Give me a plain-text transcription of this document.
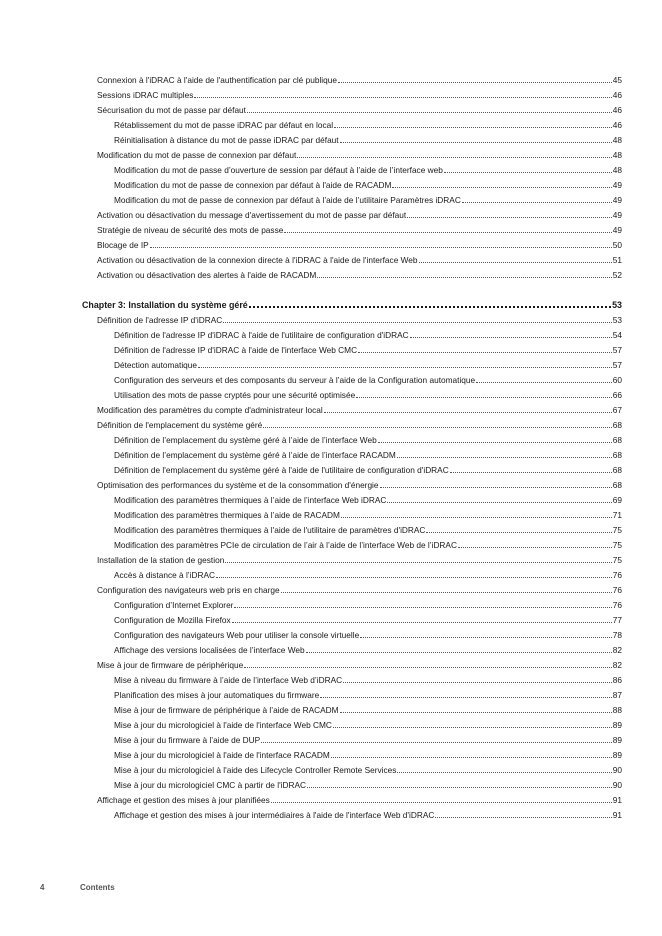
Connexion à l'iDRAC à l'aide de l'authentification par clé publique	45
Sessions iDRAC multiples	46
Sécurisation du mot de passe par défaut	46
Rétablissement du mot de passe iDRAC par défaut en local	46
Réinitialisation à distance du mot de passe iDRAC par défaut	48
Modification du mot de passe de connexion par défaut	48
Modification du mot de passe d’ouverture de session par défaut à l’aide de l’interface web	48
Modification du mot de passe de connexion par défaut à l'aide de RACADM	49
Modification du mot de passe de connexion par défaut à l’aide de l’utilitaire Paramètres iDRAC	49
Activation ou désactivation du message d'avertissement du mot de passe par défaut	49
Stratégie de niveau de sécurité des mots de passe	49
Blocage de IP	50
Activation ou désactivation de la connexion directe à l'iDRAC à l'aide de l'interface Web	51
Activation ou désactivation des alertes à l'aide de RACADM	52
Chapter 3: Installation du système géré	53
Définition de l'adresse IP d'iDRAC	53
Définition de l'adresse IP d'iDRAC à l'aide de l'utilitaire de configuration d'iDRAC	54
Définition de l'adresse IP d'iDRAC à l'aide de l'interface Web CMC	57
Détection automatique	57
Configuration des serveurs et des composants du serveur à l’aide de la Configuration automatique	60
Utilisation des mots de passe cryptés pour une sécurité optimisée	66
Modification des paramètres du compte d'administrateur local	67
Définition de l'emplacement du système géré	68
Définition de l’emplacement du système géré à l’aide de l’interface Web	68
Définition de l’emplacement du système géré à l’aide de l’interface RACADM	68
Définition de l'emplacement du système géré à l'aide de l'utilitaire de configuration d'iDRAC	68
Optimisation des performances du système et de la consommation d'énergie	68
Modification des paramètres thermiques à l’aide de l’interface Web iDRAC	69
Modification des paramètres thermiques à l’aide de RACADM	71
Modification des paramètres thermiques à l'aide de l'utilitaire de paramètres d'iDRAC	75
Modification des paramètres PCIe de circulation de l’air à l’aide de l’interface Web de l’iDRAC	75
Installation de la station de gestion	75
Accès à distance à l’iDRAC	76
Configuration des navigateurs web pris en charge	76
Configuration d’Internet Explorer	76
Configuration de Mozilla Firefox	77
Configuration des navigateurs Web pour utiliser la console virtuelle	78
Affichage des versions localisées de l’interface Web	82
Mise à jour de firmware de périphérique	82
Mise à niveau du firmware à l’aide de l’interface Web d’iDRAC	86
Planification des mises à jour automatiques du firmware	87
Mise à jour de firmware de périphérique à l’aide de RACADM	88
Mise à jour du micrologiciel à l'aide de l'interface Web CMC	89
Mise à jour du firmware à l’aide de DUP	89
Mise à jour du micrologiciel à l'aide de l'interface RACADM	89
Mise à jour du micrologiciel à l'aide des Lifecycle Controller Remote Services	90
Mise à jour du micrologiciel CMC à partir de l'iDRAC	90
Affichage et gestion des mises à jour planifiées	91
Affichage et gestion des mises à jour intermédiaires à l'aide de l'interface Web d'iDRAC	91
4	Contents
